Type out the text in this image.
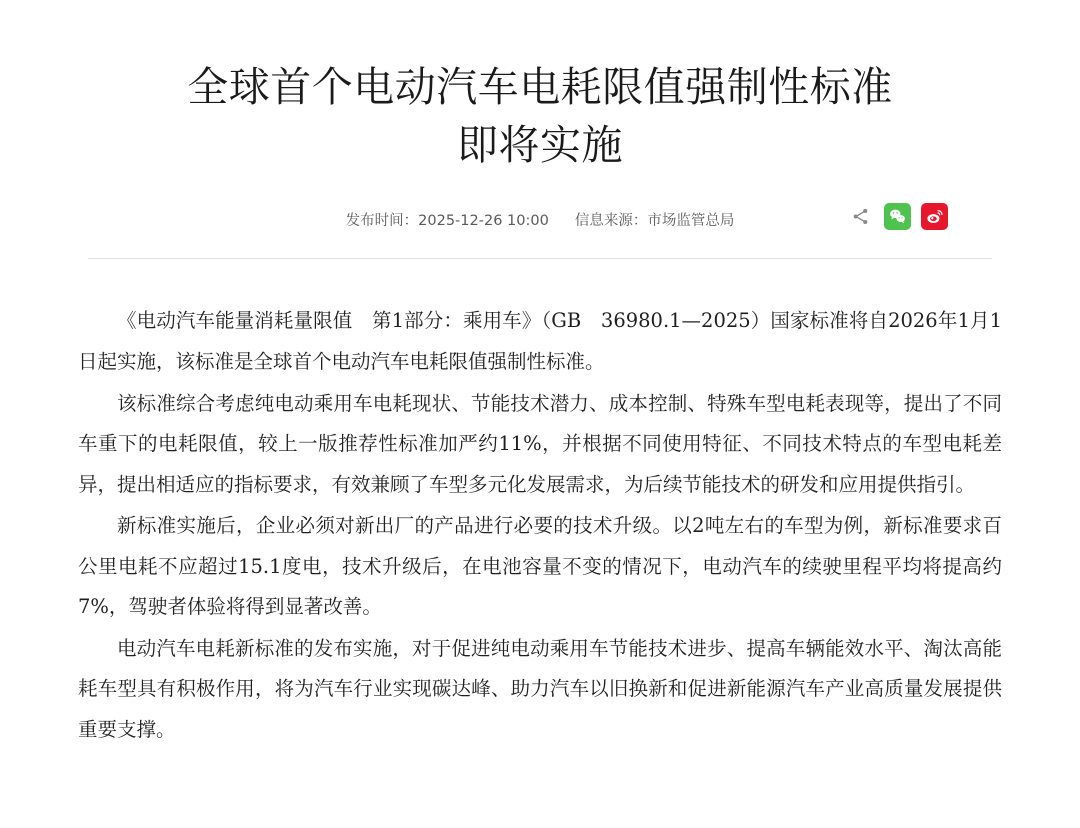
全球首个电动汽车电耗限值强制性标准
即将实施
发布时间：2025-12-26 10:00 信息来源：市场监管总局

《电动汽车能量消耗量限值　第1部分：乘用车》（GB　36980.1—2025）国家标准将自2026年1月1日起实施，该标准是全球首个电动汽车电耗限值强制性标准。

该标准综合考虑纯电动乘用车电耗现状、节能技术潜力、成本控制、特殊车型电耗表现等，提出了不同车重下的电耗限值，较上一版推荐性标准加严约11%，并根据不同使用特征、不同技术特点的车型电耗差异，提出相适应的指标要求，有效兼顾了车型多元化发展需求，为后续节能技术的研发和应用提供指引。

新标准实施后，企业必须对新出厂的产品进行必要的技术升级。以2吨左右的车型为例，新标准要求百公里电耗不应超过15.1度电，技术升级后，在电池容量不变的情况下，电动汽车的续驶里程平均将提高约7%，驾驶者体验将得到显著改善。

电动汽车电耗新标准的发布实施，对于促进纯电动乘用车节能技术进步、提高车辆能效水平、淘汰高能耗车型具有积极作用，将为汽车行业实现碳达峰、助力汽车以旧换新和促进新能源汽车产业高质量发展提供重要支撑。
